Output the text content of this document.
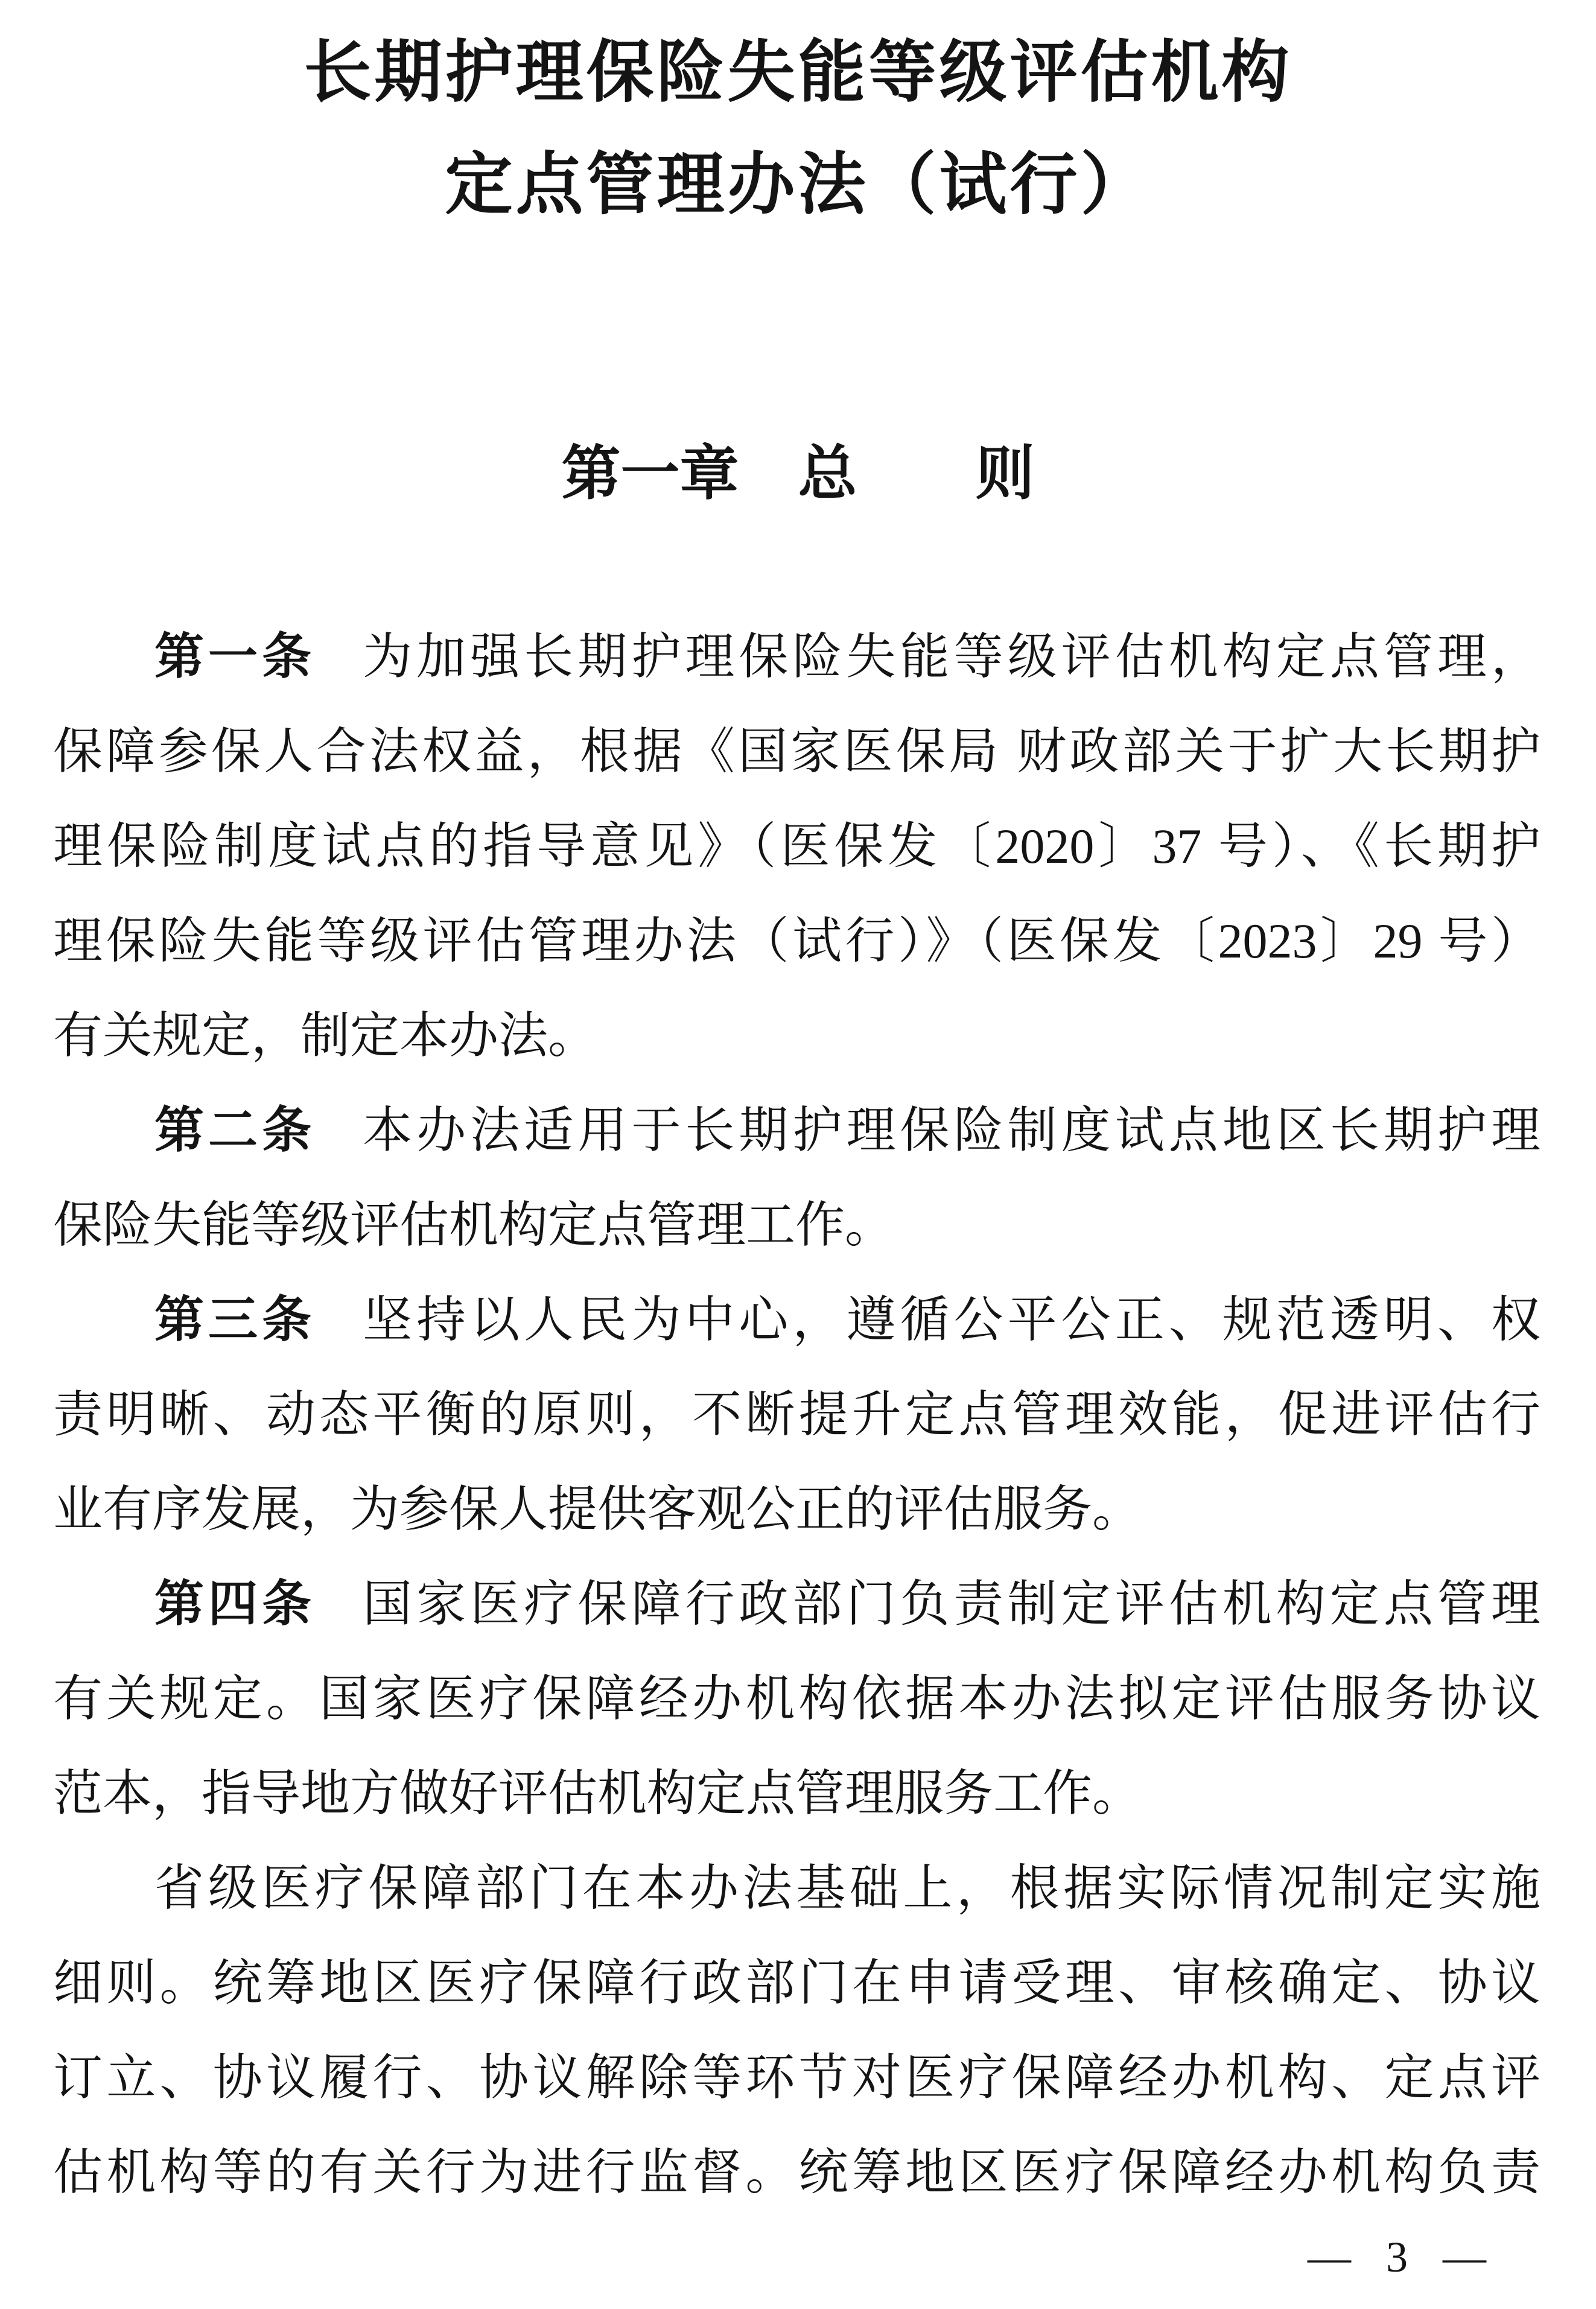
长期护理保险失能等级评估机构
定点管理办法（试行）
第一章　总　　则
第一条 为加强长期护理保险失能等级评估机构定点管理，
保障参保人合法权益，根据《国家医保局 财政部关于扩大长期护
理保险制度试点的指导意见》（医保发〔2020〕37 号）、《长期护
理保险失能等级评估管理办法（试行）》（医保发〔2023〕29 号）
有关规定，制定本办法。
第二条 本办法适用于长期护理保险制度试点地区长期护理
保险失能等级评估机构定点管理工作。
第三条 坚持以人民为中心，遵循公平公正、规范透明、权
责明晰、动态平衡的原则，不断提升定点管理效能，促进评估行
业有序发展，为参保人提供客观公正的评估服务。
第四条 国家医疗保障行政部门负责制定评估机构定点管理
有关规定。国家医疗保障经办机构依据本办法拟定评估服务协议
范本，指导地方做好评估机构定点管理服务工作。
省级医疗保障部门在本办法基础上，根据实际情况制定实施
细则。统筹地区医疗保障行政部门在申请受理、审核确定、协议
订立、协议履行、协议解除等环节对医疗保障经办机构、定点评
估机构等的有关行为进行监督。统筹地区医疗保障经办机构负责
— 3 —
